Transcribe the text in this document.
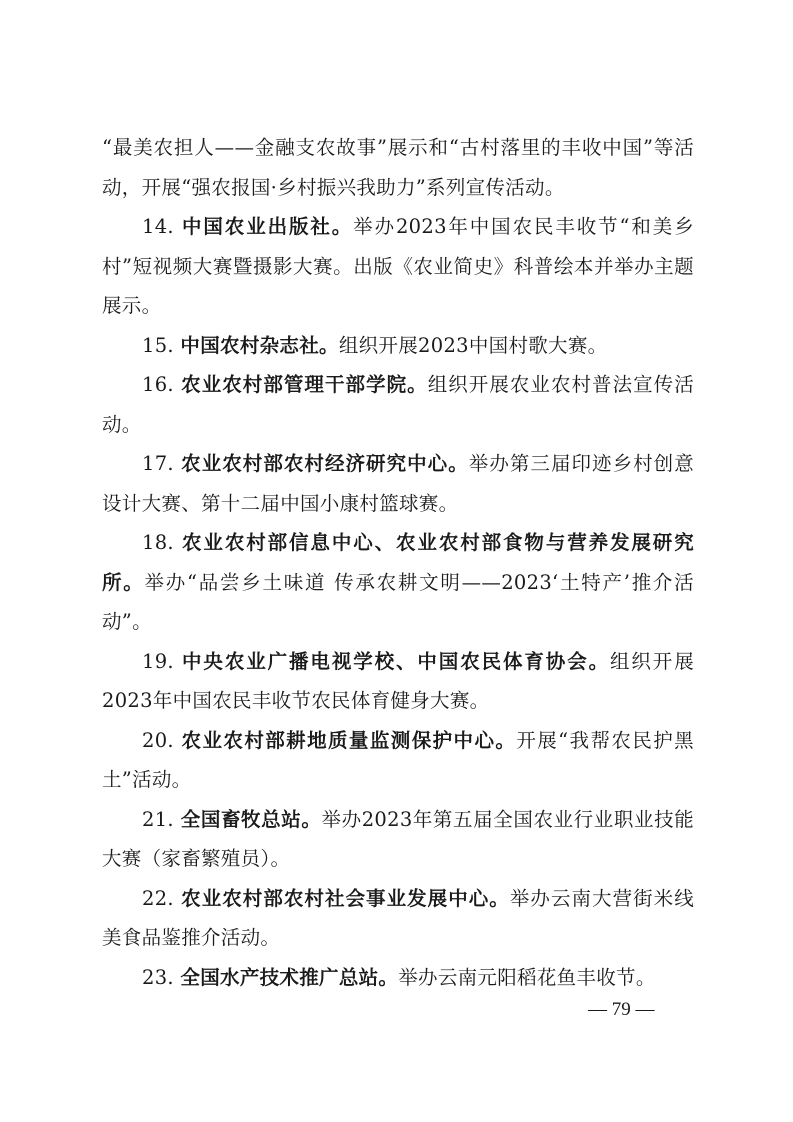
“最美农担人——金融支农故事”展示和“古村落里的丰收中国”等活动，开展“强农报国·乡村振兴我助力”系列宣传活动。

14. 中国农业出版社。举办2023年中国农民丰收节“和美乡村”短视频大赛暨摄影大赛。出版《农业简史》科普绘本并举办主题展示。

15. 中国农村杂志社。组织开展2023中国村歌大赛。

16. 农业农村部管理干部学院。组织开展农业农村普法宣传活动。

17. 农业农村部农村经济研究中心。举办第三届印迹乡村创意设计大赛、第十二届中国小康村篮球赛。

18. 农业农村部信息中心、农业农村部食物与营养发展研究所。举办“品尝乡土味道 传承农耕文明——2023‘土特产’推介活动”。

19. 中央农业广播电视学校、中国农民体育协会。组织开展2023年中国农民丰收节农民体育健身大赛。

20. 农业农村部耕地质量监测保护中心。开展“我帮农民护黑土”活动。

21. 全国畜牧总站。举办2023年第五届全国农业行业职业技能大赛（家畜繁殖员）。

22. 农业农村部农村社会事业发展中心。举办云南大营街米线美食品鉴推介活动。

23. 全国水产技术推广总站。举办云南元阳稻花鱼丰收节。

— 79 —
